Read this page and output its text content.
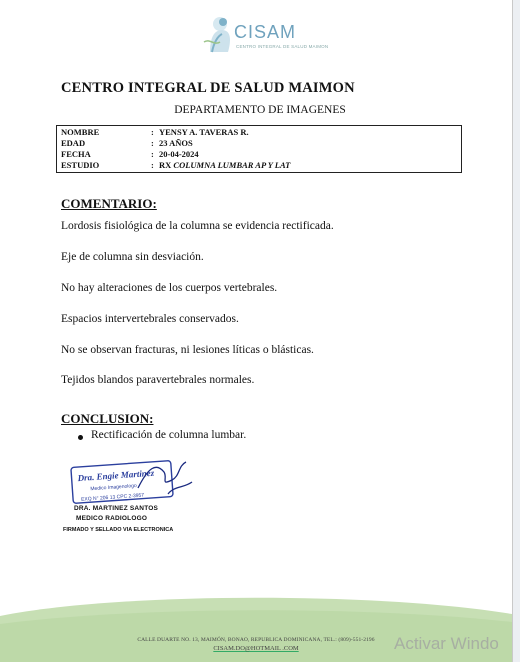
CISAM
CENTRO INTEGRAL DE SALUD MAIMON
CENTRO INTEGRAL DE SALUD MAIMON
DEPARTAMENTO DE IMAGENES
NOMBRE	: YENSY A. TAVERAS R.
EDAD	: 23 AÑOS
FECHA	: 20-04-2024
ESTUDIO	: RX COLUMNA LUMBAR AP Y LAT
COMENTARIO:
Lordosis fisiológica de la columna se evidencia rectificada.
Eje de columna sin desviación.
No hay alteraciones de los cuerpos vertebrales.
Espacios intervertebrales conservados.
No se observan fracturas, ni lesiones líticas o blásticas.
Tejidos blandos paravertebrales normales.
CONCLUSION:
Rectificación de columna lumbar.
Dra. Engie Martinez
Medico Imagenologo
EXQ N° 206 13 CPC 2-3957
DRA. MARTINEZ SANTOS
MEDICO RADIOLOGO
FIRMADO Y SELLADO VIA ELECTRONICA
CALLE DUARTE NO. 13, MAIMÓN, BONAO, REPUBLICA DOMINICANA, TEL.: (809)-551-2196
CISAM.DO@HOTMAIL .COM	Activar Windo
